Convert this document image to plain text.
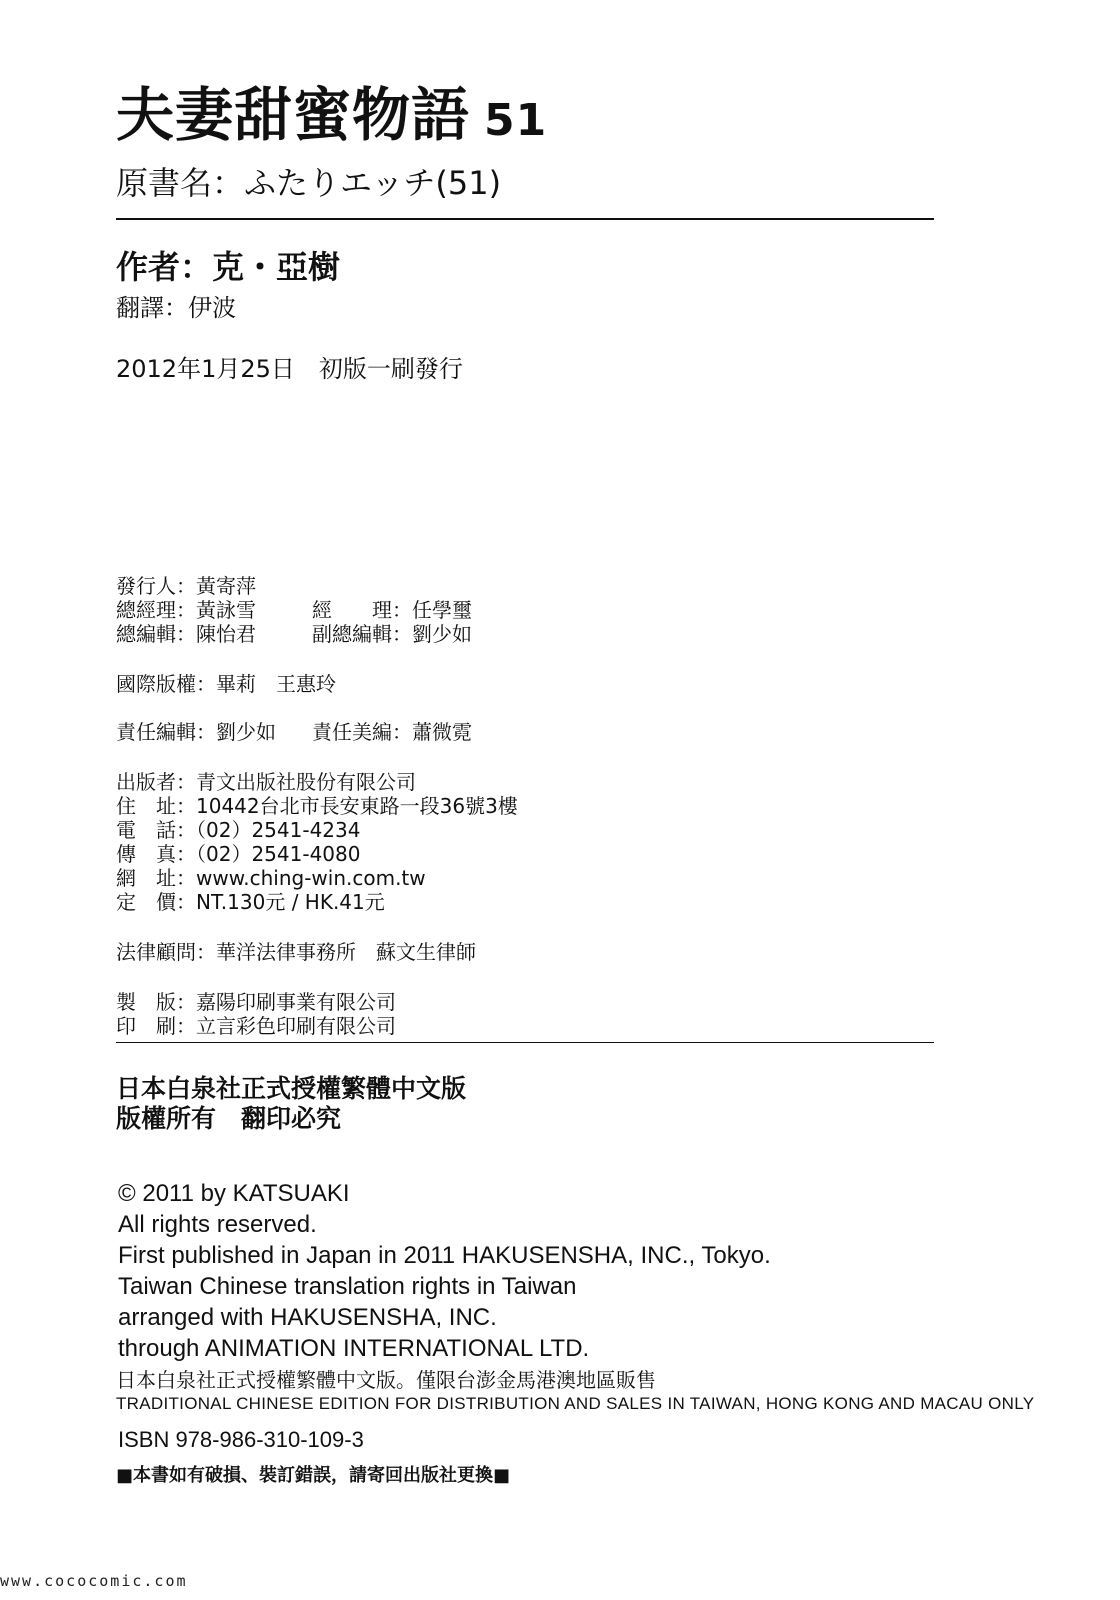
夫妻甜蜜物語 51
原書名：ふたりエッチ(51)
作者：克・亞樹
翻譯：伊波
2012年1月25日　初版一刷發行
發行人：黃寄萍
總經理：黃詠雪	經　　理：任學璽
總編輯：陳怡君	副總編輯：劉少如
國際版權：畢莉　王惠玲
責任編輯：劉少如 責任美編：蕭微霓
出版者：青文出版社股份有限公司
住　址：10442台北市長安東路一段36號3樓
電　話：（02）2541-4234
傳　真：（02）2541-4080
網　址：www.ching-win.com.tw
定　價：NT.130元 / HK.41元
法律顧問：華洋法律事務所　蘇文生律師
製　版：嘉陽印刷事業有限公司
印　刷：立言彩色印刷有限公司
日本白泉社正式授權繁體中文版
版權所有　翻印必究
© 2011 by KATSUAKI
All rights reserved.
First published in Japan in 2011 HAKUSENSHA, INC., Tokyo.
Taiwan Chinese translation rights in Taiwan
arranged with HAKUSENSHA, INC.
through ANIMATION INTERNATIONAL LTD.
日本白泉社正式授權繁體中文版。僅限台澎金馬港澳地區販售
TRADITIONAL CHINESE EDITION FOR DISTRIBUTION AND SALES IN TAIWAN, HONG KONG AND MACAU ONLY
ISBN 978-986-310-109-3
■本書如有破損、裝訂錯誤，請寄回出版社更換■
www.cococomic.com
